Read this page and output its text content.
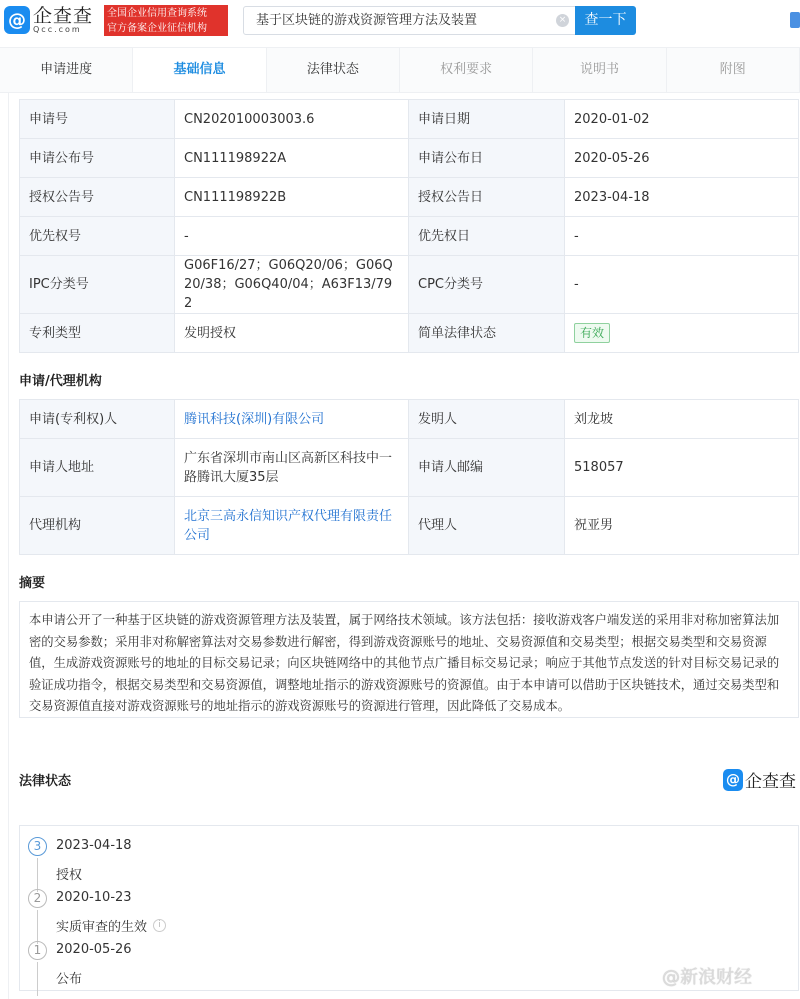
@ 企查查
Qcc.com
全国企业信用查询系统
官方备案企业征信机构
基于区块链的游戏资源管理方法及装置	×	查一下
申请进度	基础信息	法律状态	权利要求	说明书	附图
申请号	CN202010003003.6	申请日期	2020-01-02
申请公布号	CN111198922A	申请公布日	2020-05-26
授权公告号	CN111198922B	授权公告日	2023-04-18
优先权号	-	优先权日	-
IPC分类号	G06F16/27；G06Q20/06；G06Q20/38；G06Q40/04；A63F13/792	CPC分类号	-
专利类型	发明授权	简单法律状态	有效
申请/代理机构
申请(专利权)人	腾讯科技(深圳)有限公司	发明人	刘龙坡
申请人地址	广东省深圳市南山区高新区科技中一路腾讯大厦35层	申请人邮编	518057
代理机构	北京三高永信知识产权代理有限责任公司	代理人	祝亚男
摘要
本申请公开了一种基于区块链的游戏资源管理方法及装置，属于网络技术领域。该方法包括：接收游戏客户端发送的采用非对称加密算法加密的交易参数；采用非对称解密算法对交易参数进行解密，得到游戏资源账号的地址、交易资源值和交易类型；根据交易类型和交易资源值，生成游戏资源账号的地址的目标交易记录；向区块链网络中的其他节点广播目标交易记录；响应于其他节点发送的针对目标交易记录的验证成功指令，根据交易类型和交易资源值，调整地址指示的游戏资源账号的资源值。由于本申请可以借助于区块链技术，通过交易类型和交易资源值直接对游戏资源账号的地址指示的游戏资源账号的资源进行管理，因此降低了交易成本。
法律状态	@ 企查查
3	2023-04-18
授权
2	2020-10-23
实质审查的生效	i
1	2020-05-26
公布	@新浪财经
